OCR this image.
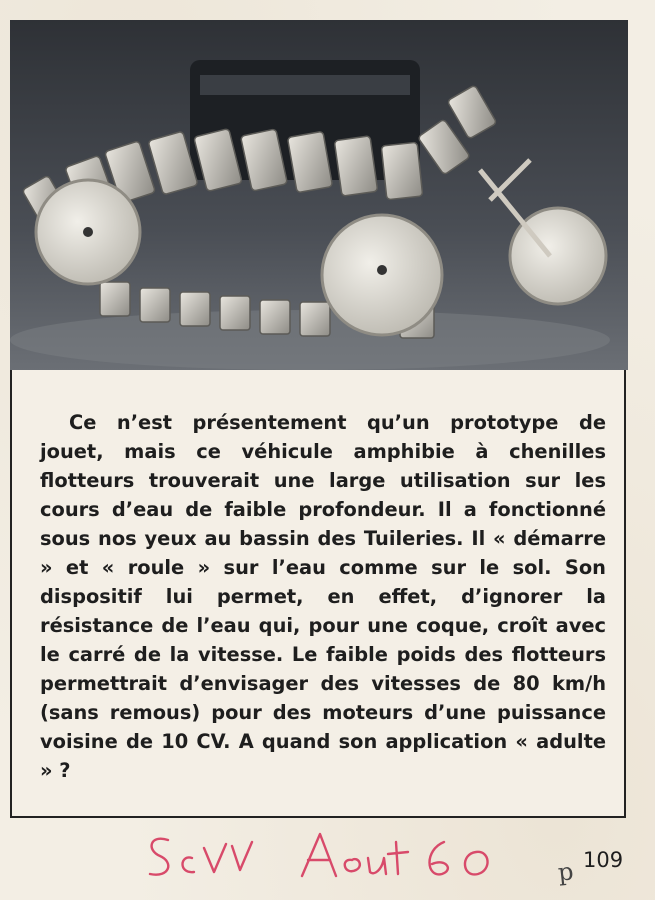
Ce n’est présentement qu’un prototype de jouet, mais ce véhicule amphibie à chenilles flotteurs trouverait une large utilisation sur les cours d’eau de faible profondeur. Il a fonctionné sous nos yeux au bassin des Tuileries. Il « démarre » et « roule » sur l’eau comme sur le sol. Son dispositif lui permet, en effet, d’ignorer la résistance de l’eau qui, pour une coque, croît avec le carré de la vitesse. Le faible poids des flotteurs permettrait d’envisager des vitesses de 80 km/h (sans remous) pour des moteurs d’une puissance voisine de 10 CV. A quand son application « adulte » ?

p 109
